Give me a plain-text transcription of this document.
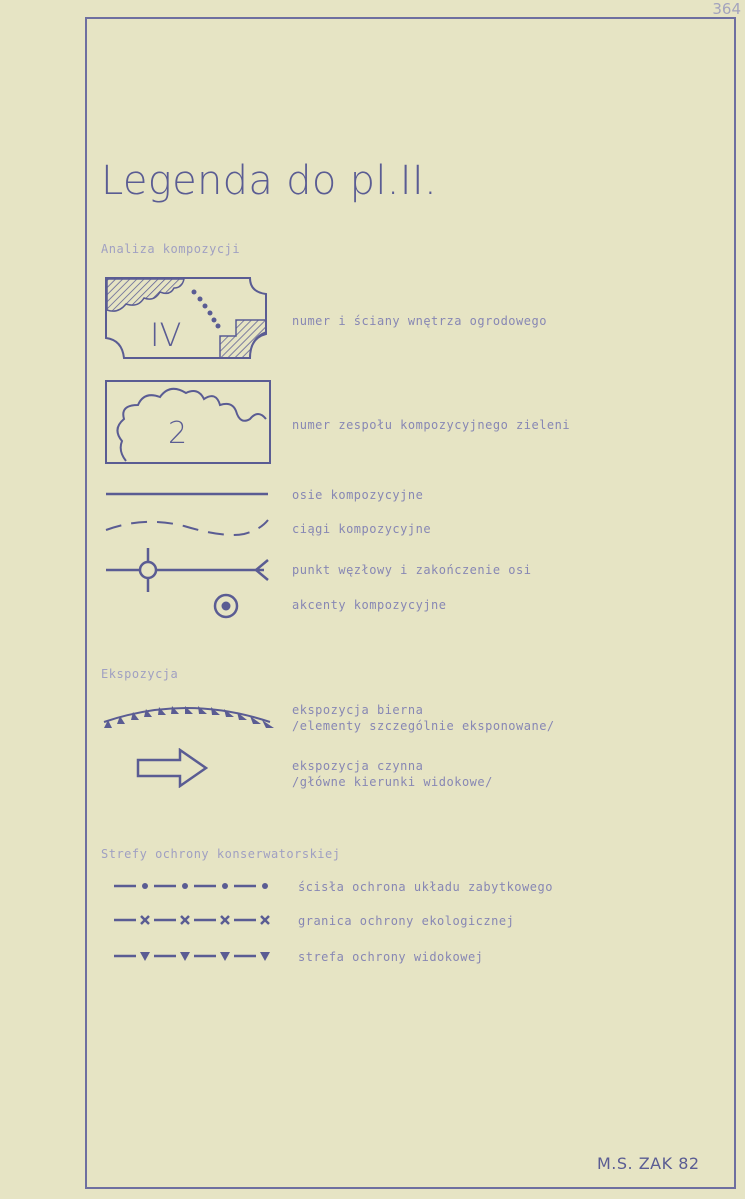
364
Legenda do pl.II.
Analiza kompozycji
IV	numer i ściany wnętrza ogrodowego
2	numer zespołu kompozycyjnego zieleni
osie kompozycyjne
ciągi kompozycyjne
punkt węzłowy i zakończenie osi
akcenty kompozycyjne
Ekspozycja
ekspozycja bierna
/elementy szczególnie eksponowane/
ekspozycja czynna
/główne kierunki widokowe/
Strefy ochrony konserwatorskiej
ścisła ochrona układu zabytkowego
granica ochrony ekologicznej
strefa ochrony widokowej
M.S. ZAK 82
